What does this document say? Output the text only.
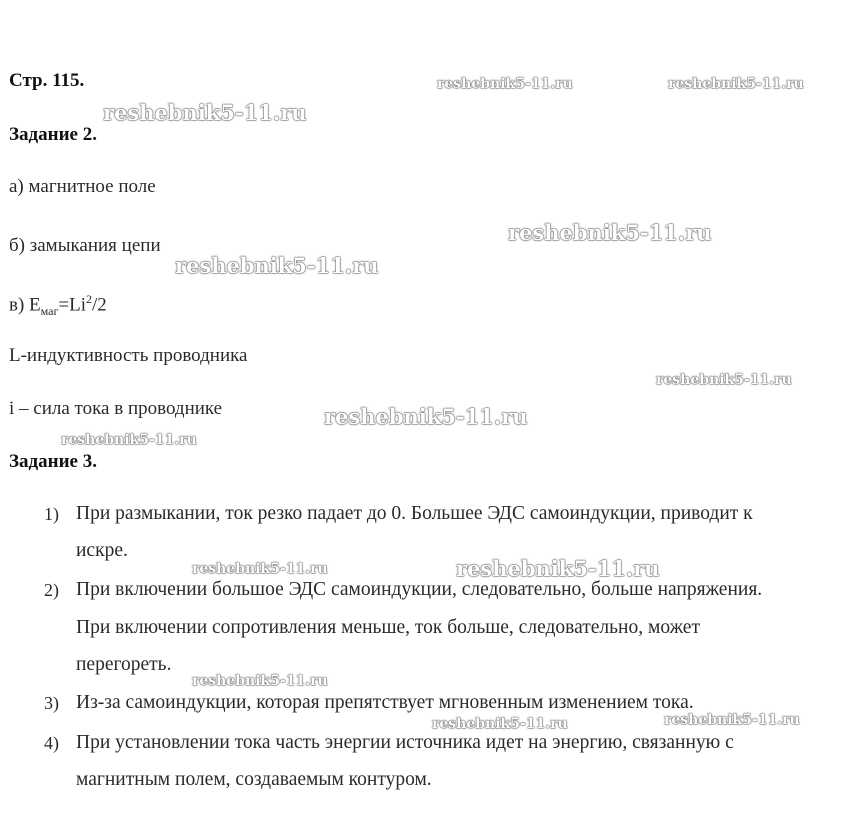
Стр. 115.
Задание 2.
а) магнитное поле
б) замыкания цепи
в) $E_{маг}=Li^2/2$
L-индуктивность проводника
i – сила тока в проводнике
Задание 3.
1) При размыкании, ток резко падает до 0. Большее ЭДС самоиндукции, приводит к
искре.
2) При включении большое ЭДС самоиндукции, следовательно, больше напряжения.
При включении сопротивления меньше, ток больше, следовательно, может
перегореть.
3) Из-за самоиндукции, которая препятствует мгновенным изменением тока.
4) При установлении тока часть энергии источника идет на энергию, связанную с
магнитным полем, создаваемым контуром.
reshebnik5-11.ru	reshebnik5-11.ru
reshebnik5-11.ru
reshebnik5-11.ru
reshebnik5-11.ru
reshebnik5-11.ru
reshebnik5-11.ru
reshebnik5-11.ru
reshebnik5-11.ru	reshebnik5-11.ru
reshebnik5-11.ru
reshebnik5-11.ru	reshebnik5-11.ru
